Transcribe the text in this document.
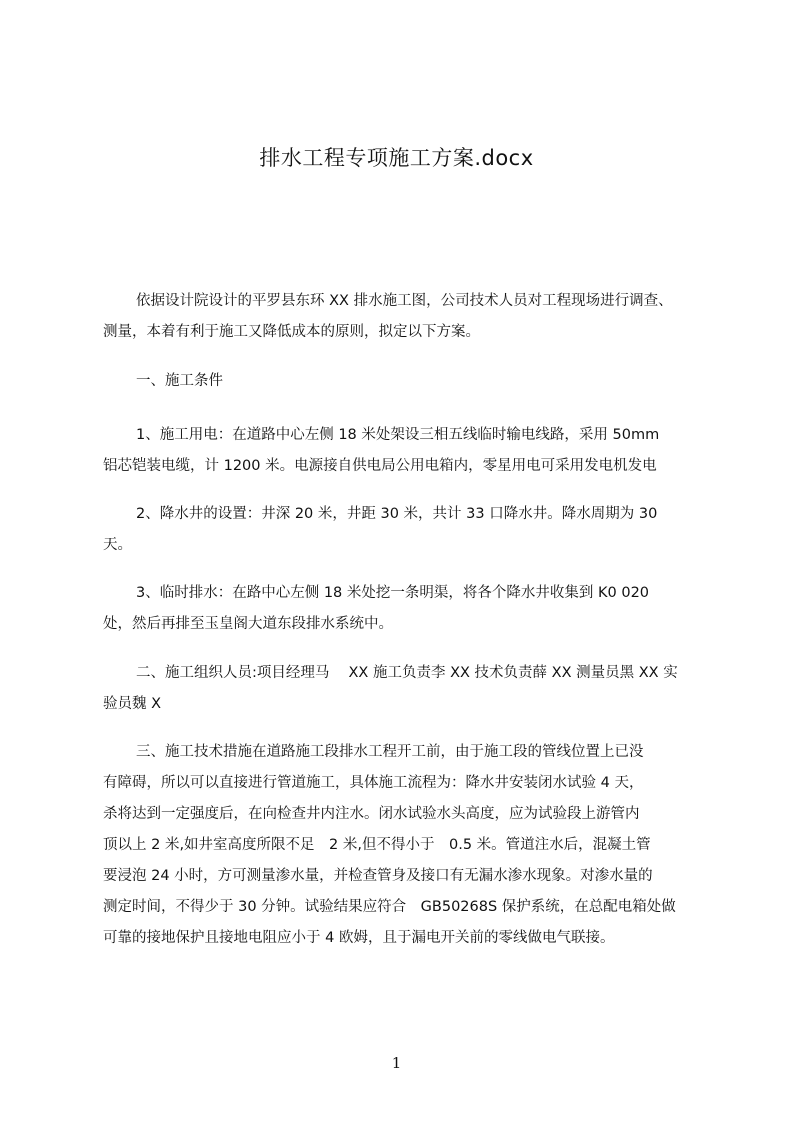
排水工程专项施工方案.docx
依据设计院设计的平罗县东环 XX 排水施工图，公司技术人员对工程现场进行调查、
测量，本着有利于施工又降低成本的原则，拟定以下方案。
一、施工条件
1、施工用电：在道路中心左侧 18 米处架设三相五线临时输电线路，采用 50mm
铝芯铠装电缆，计 1200 米。电源接自供电局公用电箱内，零星用电可采用发电机发电
2、降水井的设置：井深 20 米，井距 30 米，共计 33 口降水井。降水周期为 30
天。
3、临时排水：在路中心左侧 18 米处挖一条明渠，将各个降水井收集到 K0 020
处，然后再排至玉皇阁大道东段排水系统中。
二、施工组织人员:项目经理马　 XX 施工负责李 XX 技术负责薛 XX 测量员黑 XX 实
验员魏 X
三、施工技术措施在道路施工段排水工程开工前，由于施工段的管线位置上已没
有障碍，所以可以直接进行管道施工，具体施工流程为：降水井安装闭水试验 4 天，
杀将达到一定强度后，在向检查井内注水。闭水试验水头高度，应为试验段上游管内
顶以上 2 米,如井室高度所限不足　2 米,但不得小于　0.5 米。管道注水后，混凝土管
要浸泡 24 小时，方可测量渗水量，并检查管身及接口有无漏水渗水现象。对渗水量的
测定时间，不得少于 30 分钟。试验结果应符合　GB50268S 保护系统，在总配电箱处做
可靠的接地保护且接地电阻应小于 4 欧姆，且于漏电开关前的零线做电气联接。
1
